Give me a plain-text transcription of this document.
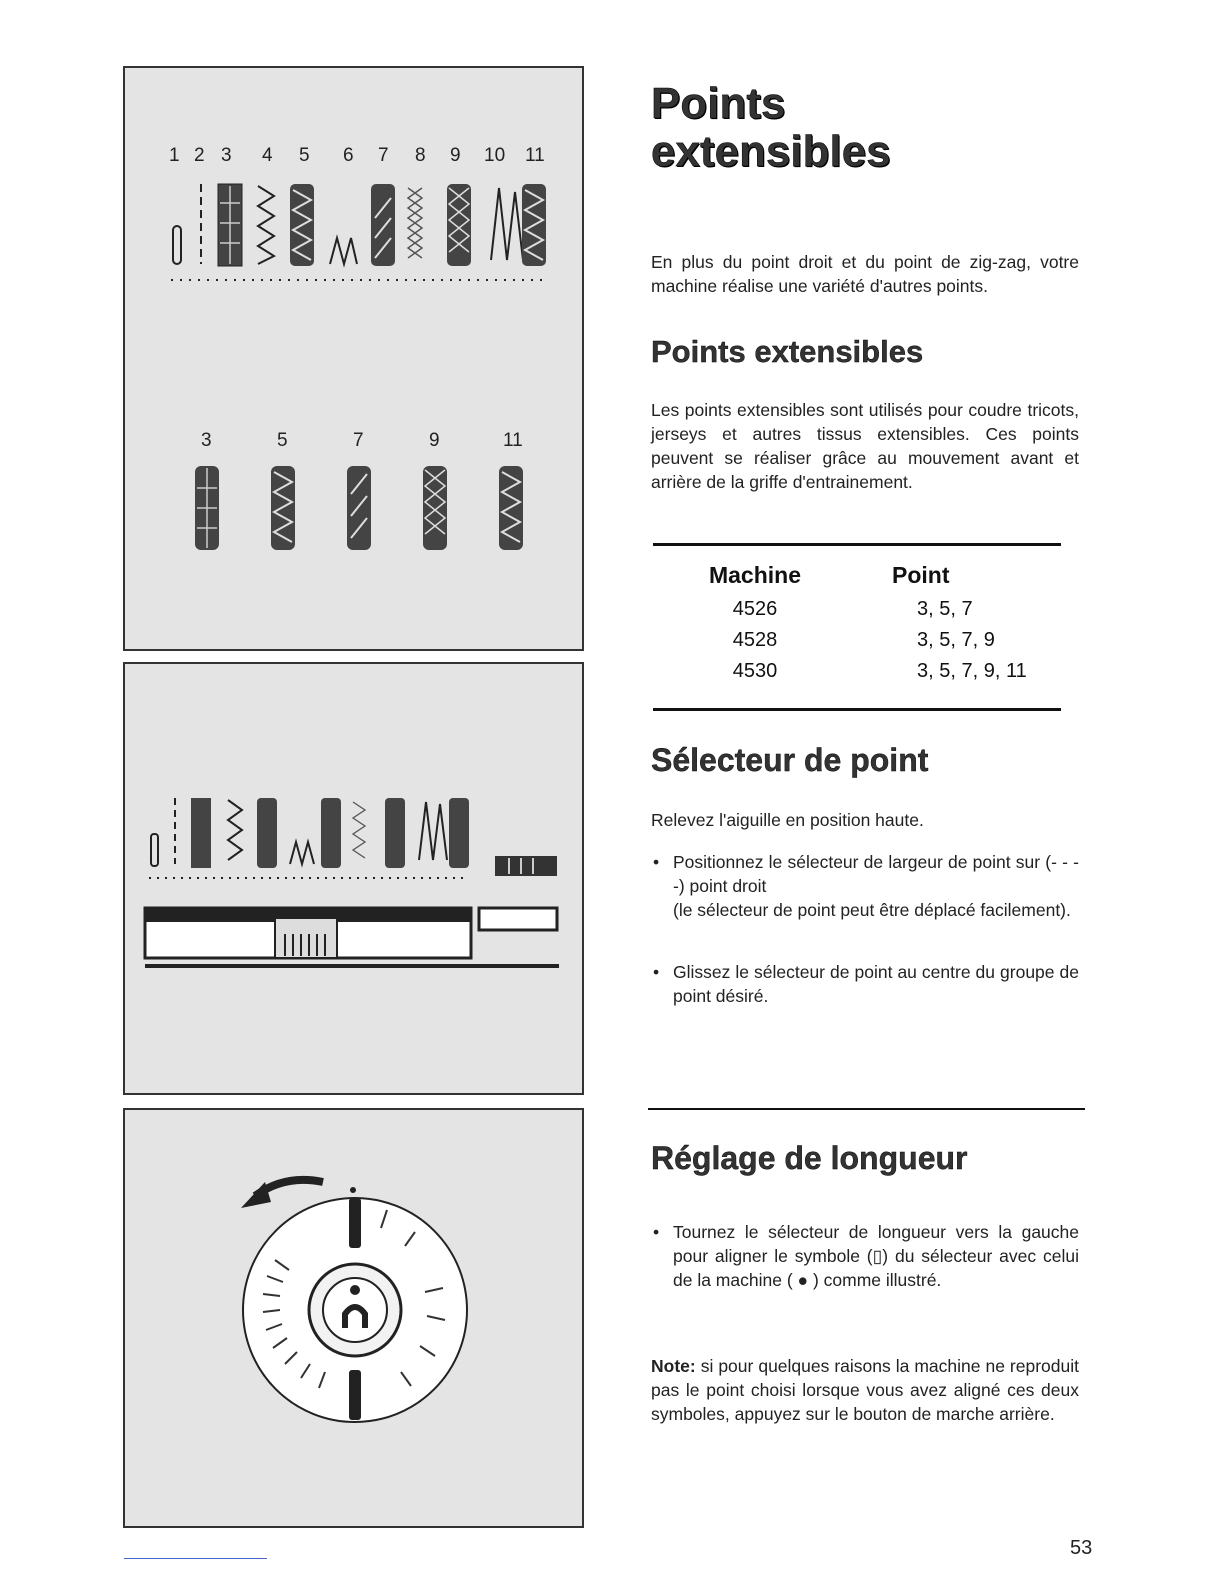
1 2 3 4 5 6 7 8 9 10 11
3	5	7	9	11
Points
extensibles

En plus du point droit et du point de zig-zag, votre machine réalise une variété d'autres points.

Points extensibles

Les points extensibles sont utilisés pour coudre tricots, jerseys et autres tissus extensibles. Ces points peuvent se réaliser grâce au mouvement avant et arrière de la griffe d'entrainement.

Machine	Point
4526	3, 5, 7
4528	3, 5, 7, 9
4530	3, 5, 7, 9, 11
Sélecteur de point

Relevez l'aiguille en position haute.

• Positionnez le sélecteur de largeur de point sur (- - - -) point droit
(le sélecteur de point peut être déplacé facilement).
• Glissez le sélecteur de point au centre du groupe de point désiré.
Réglage de longueur
• Tournez le sélecteur de longueur vers la gauche pour aligner le symbole (▯) du sélecteur avec celui de la machine ( ● ) comme illustré.

Note: si pour quelques raisons la machine ne reproduit pas le point choisi lorsque vous avez aligné ces deux symboles, appuyez sur le bouton de marche arrière.

53
